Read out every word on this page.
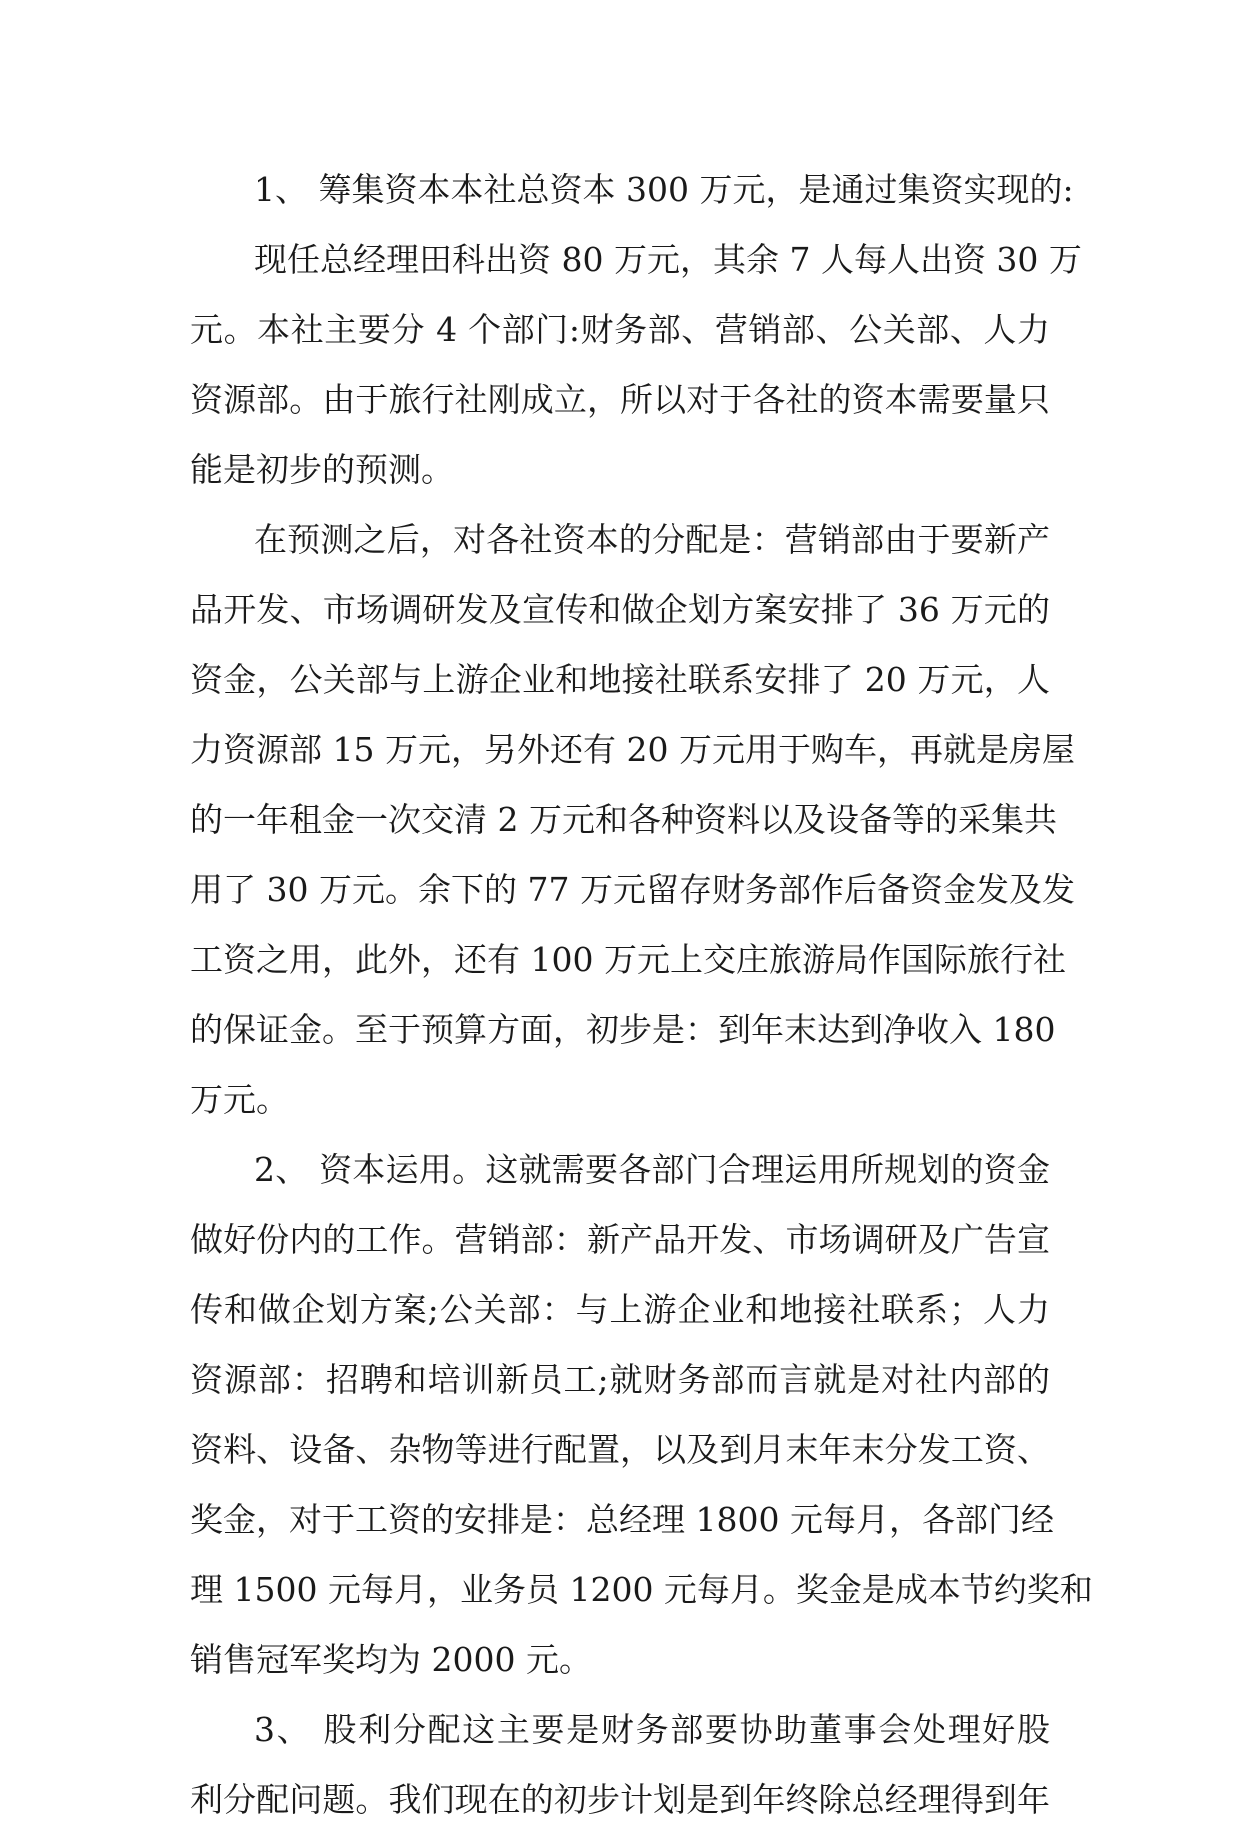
1、 筹集资本本社总资本 300 万元，是通过集资实现的:
现任总经理田科出资 80 万元，其余 7 人每人出资 30 万
元。本社主要分 4 个部门:财务部、营销部、公关部、人力
资源部。由于旅行社刚成立，所以对于各社的资本需要量只
能是初步的预测。
在预测之后，对各社资本的分配是：营销部由于要新产
品开发、市场调研发及宣传和做企划方案安排了 36 万元的
资金，公关部与上游企业和地接社联系安排了 20 万元，人
力资源部 15 万元，另外还有 20 万元用于购车，再就是房屋
的一年租金一次交清 2 万元和各种资料以及设备等的采集共
用了 30 万元。余下的 77 万元留存财务部作后备资金发及发
工资之用，此外，还有 100 万元上交庄旅游局作国际旅行社
的保证金。至于预算方面，初步是：到年末达到净收入 180
万元。
2、 资本运用。这就需要各部门合理运用所规划的资金
做好份内的工作。营销部：新产品开发、市场调研及广告宣
传和做企划方案;公关部：与上游企业和地接社联系；人力
资源部：招聘和培训新员工;就财务部而言就是对社内部的
资料、设备、杂物等进行配置，以及到月末年末分发工资、
奖金，对于工资的安排是：总经理 1800 元每月，各部门经
理 1500 元每月，业务员 1200 元每月。奖金是成本节约奖和
销售冠军奖均为 2000 元。
3、 股利分配这主要是财务部要协助董事会处理好股
利分配问题。我们现在的初步计划是到年终除总经理得到年
